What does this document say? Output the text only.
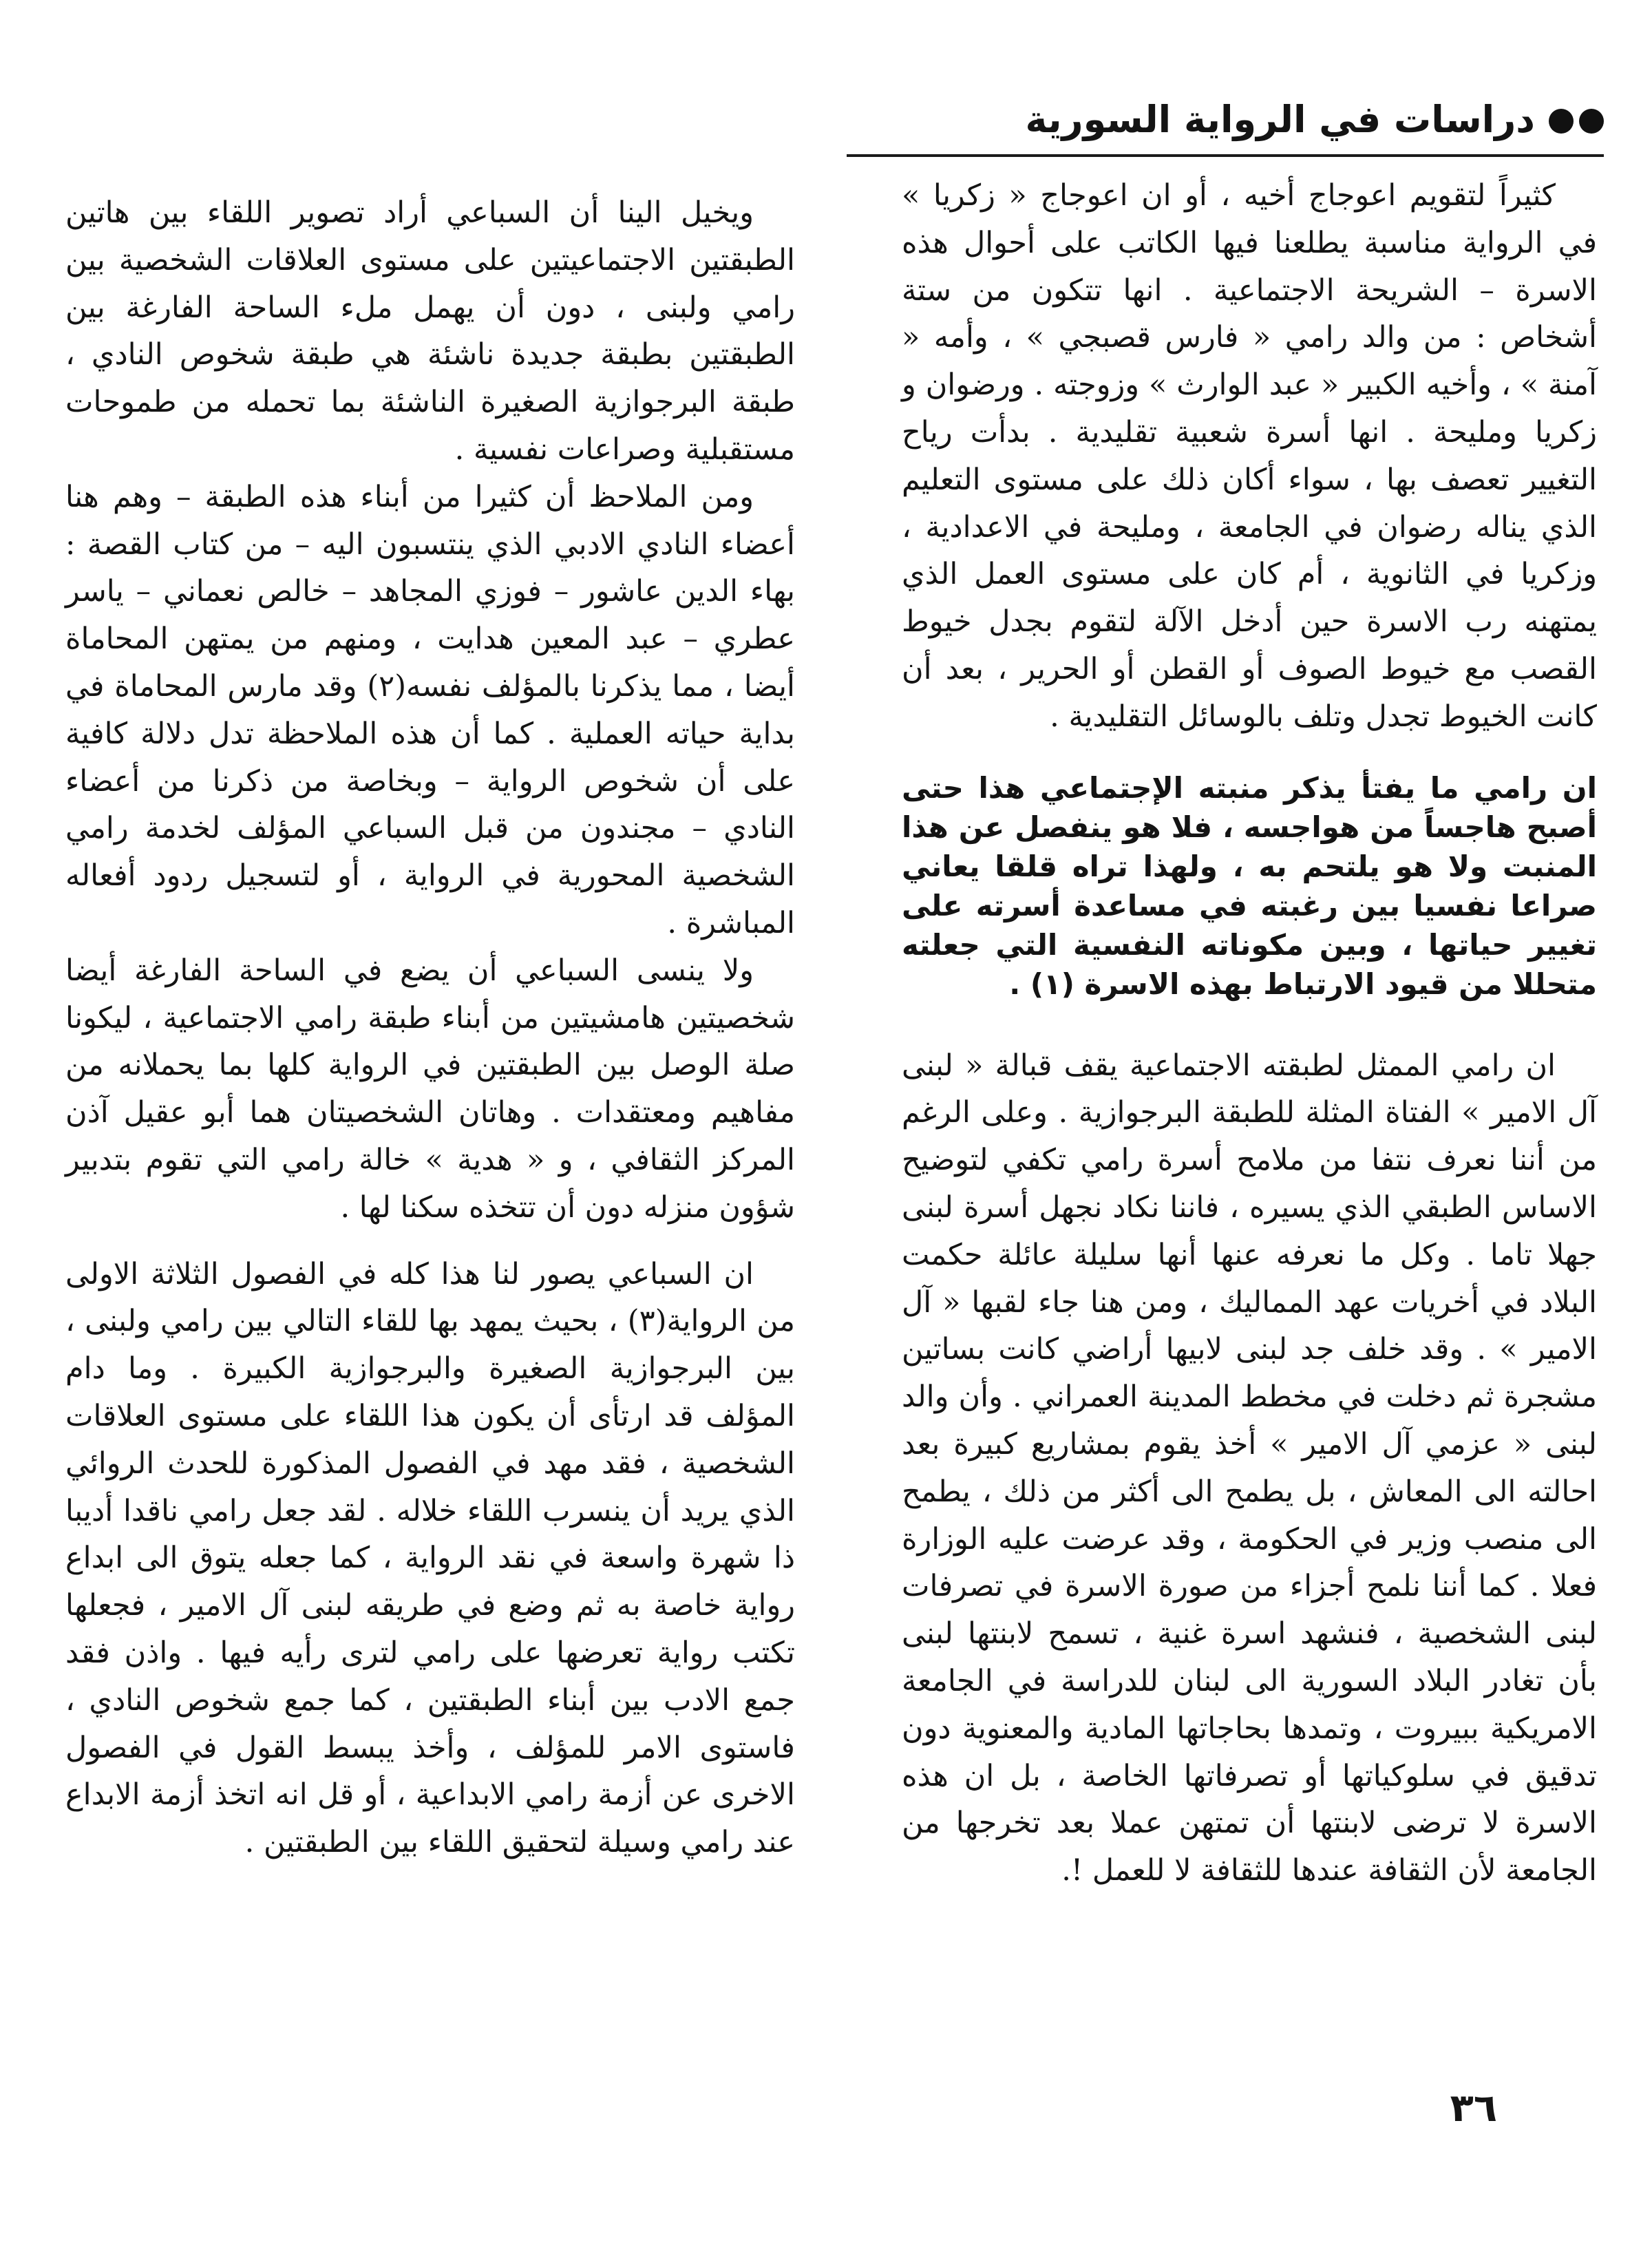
دراسات في الرواية السورية

كثيراً لتقويم اعوجاج أخيه ، أو ان اعوجاج « زكريا » في الرواية مناسبة يطلعنا فيها الكاتب على أحوال هذه الاسرة – الشريحة الاجتماعية . انها تتكون من ستة أشخاص : من والد رامي « فارس قصبجي » ، وأمه « آمنة » ، وأخيه الكبير « عبد الوارث » وزوجته . ورضوان و زكريا ومليحة . انها أسرة شعبية تقليدية . بدأت رياح التغيير تعصف بها ، سواء أكان ذلك على مستوى التعليم الذي يناله رضوان في الجامعة ، ومليحة في الاعدادية ، وزكريا في الثانوية ، أم كان على مستوى العمل الذي يمتهنه رب الاسرة حين أدخل الآلة لتقوم بجدل خيوط القصب مع خيوط الصوف أو القطن أو الحرير ، بعد أن كانت الخيوط تجدل وتلف بالوسائل التقليدية .

ان رامي ما يفتأ يذكر منبته الإجتماعي هذا حتى أصبح هاجساً من هواجسه ، فلا هو ينفصل عن هذا المنبت ولا هو يلتحم به ، ولهذا تراه قلقا يعاني صراعا نفسيا بين رغبته في مساعدة أسرته على تغيير حياتها ، وبين مكوناته النفسية التي جعلته متحللا من قيود الارتباط بهذه الاسرة (١) .

ان رامي الممثل لطبقته الاجتماعية يقف قبالة « لبنى آل الامير » الفتاة المثلة للطبقة البرجوازية . وعلى الرغم من أننا نعرف نتفا من ملامح أسرة رامي تكفي لتوضيح الاساس الطبقي الذي يسيره ، فاننا نكاد نجهل أسرة لبنى جهلا تاما . وكل ما نعرفه عنها أنها سليلة عائلة حكمت البلاد في أخريات عهد المماليك ، ومن هنا جاء لقبها « آل الامير » . وقد خلف جد لبنى لابيها أراضي كانت بساتين مشجرة ثم دخلت في مخطط المدينة العمراني . وأن والد لبنى « عزمي آل الامير » أخذ يقوم بمشاريع كبيرة بعد احالته الى المعاش ، بل يطمح الى أكثر من ذلك ، يطمح الى منصب وزير في الحكومة ، وقد عرضت عليه الوزارة فعلا . كما أننا نلمح أجزاء من صورة الاسرة في تصرفات لبنى الشخصية ، فنشهد اسرة غنية ، تسمح لابنتها لبنى بأن تغادر البلاد السورية الى لبنان للدراسة في الجامعة الامريكية ببيروت ، وتمدها بحاجاتها المادية والمعنوية دون تدقيق في سلوكياتها أو تصرفاتها الخاصة ، بل ان هذه الاسرة لا ترضى لابنتها أن تمتهن عملا بعد تخرجها من الجامعة لأن الثقافة عندها للثقافة لا للعمل !.

ويخيل الينا أن السباعي أراد تصوير اللقاء بين هاتين الطبقتين الاجتماعيتين على مستوى العلاقات الشخصية بين رامي ولبنى ، دون أن يهمل ملء الساحة الفارغة بين الطبقتين بطبقة جديدة ناشئة هي طبقة شخوص النادي ، طبقة البرجوازية الصغيرة الناشئة بما تحمله من طموحات مستقبلية وصراعات نفسية .

ومن الملاحظ أن كثيرا من أبناء هذه الطبقة – وهم هنا أعضاء النادي الادبي الذي ينتسبون اليه – من كتاب القصة : بهاء الدين عاشور – فوزي المجاهد – خالص نعماني – ياسر عطري – عبد المعين هدايت ، ومنهم من يمتهن المحاماة أيضا ، مما يذكرنا بالمؤلف نفسه(٢) وقد مارس المحاماة في بداية حياته العملية . كما أن هذه الملاحظة تدل دلالة كافية على أن شخوص الرواية – وبخاصة من ذكرنا من أعضاء النادي – مجندون من قبل السباعي المؤلف لخدمة رامي الشخصية المحورية في الرواية ، أو لتسجيل ردود أفعاله المباشرة .

ولا ينسى السباعي أن يضع في الساحة الفارغة أيضا شخصيتين هامشيتين من أبناء طبقة رامي الاجتماعية ، ليكونا صلة الوصل بين الطبقتين في الرواية كلها بما يحملانه من مفاهيم ومعتقدات . وهاتان الشخصيتان هما أبو عقيل آذن المركز الثقافي ، و « هدية » خالة رامي التي تقوم بتدبير شؤون منزله دون أن تتخذه سكنا لها .

ان السباعي يصور لنا هذا كله في الفصول الثلاثة الاولى من الرواية(٣) ، بحيث يمهد بها للقاء التالي بين رامي ولبنى ، بين البرجوازية الصغيرة والبرجوازية الكبيرة . وما دام المؤلف قد ارتأى أن يكون هذا اللقاء على مستوى العلاقات الشخصية ، فقد مهد في الفصول المذكورة للحدث الروائي الذي يريد أن ينسرب اللقاء خلاله . لقد جعل رامي ناقدا أديبا ذا شهرة واسعة في نقد الرواية ، كما جعله يتوق الى ابداع رواية خاصة به ثم وضع في طريقه لبنى آل الامير ، فجعلها تكتب رواية تعرضها على رامي لترى رأيه فيها . واذن فقد جمع الادب بين أبناء الطبقتين ، كما جمع شخوص النادي ، فاستوى الامر للمؤلف ، وأخذ يبسط القول في الفصول الاخرى عن أزمة رامي الابداعية ، أو قل انه اتخذ أزمة الابداع عند رامي وسيلة لتحقيق اللقاء بين الطبقتين .

٣٦
